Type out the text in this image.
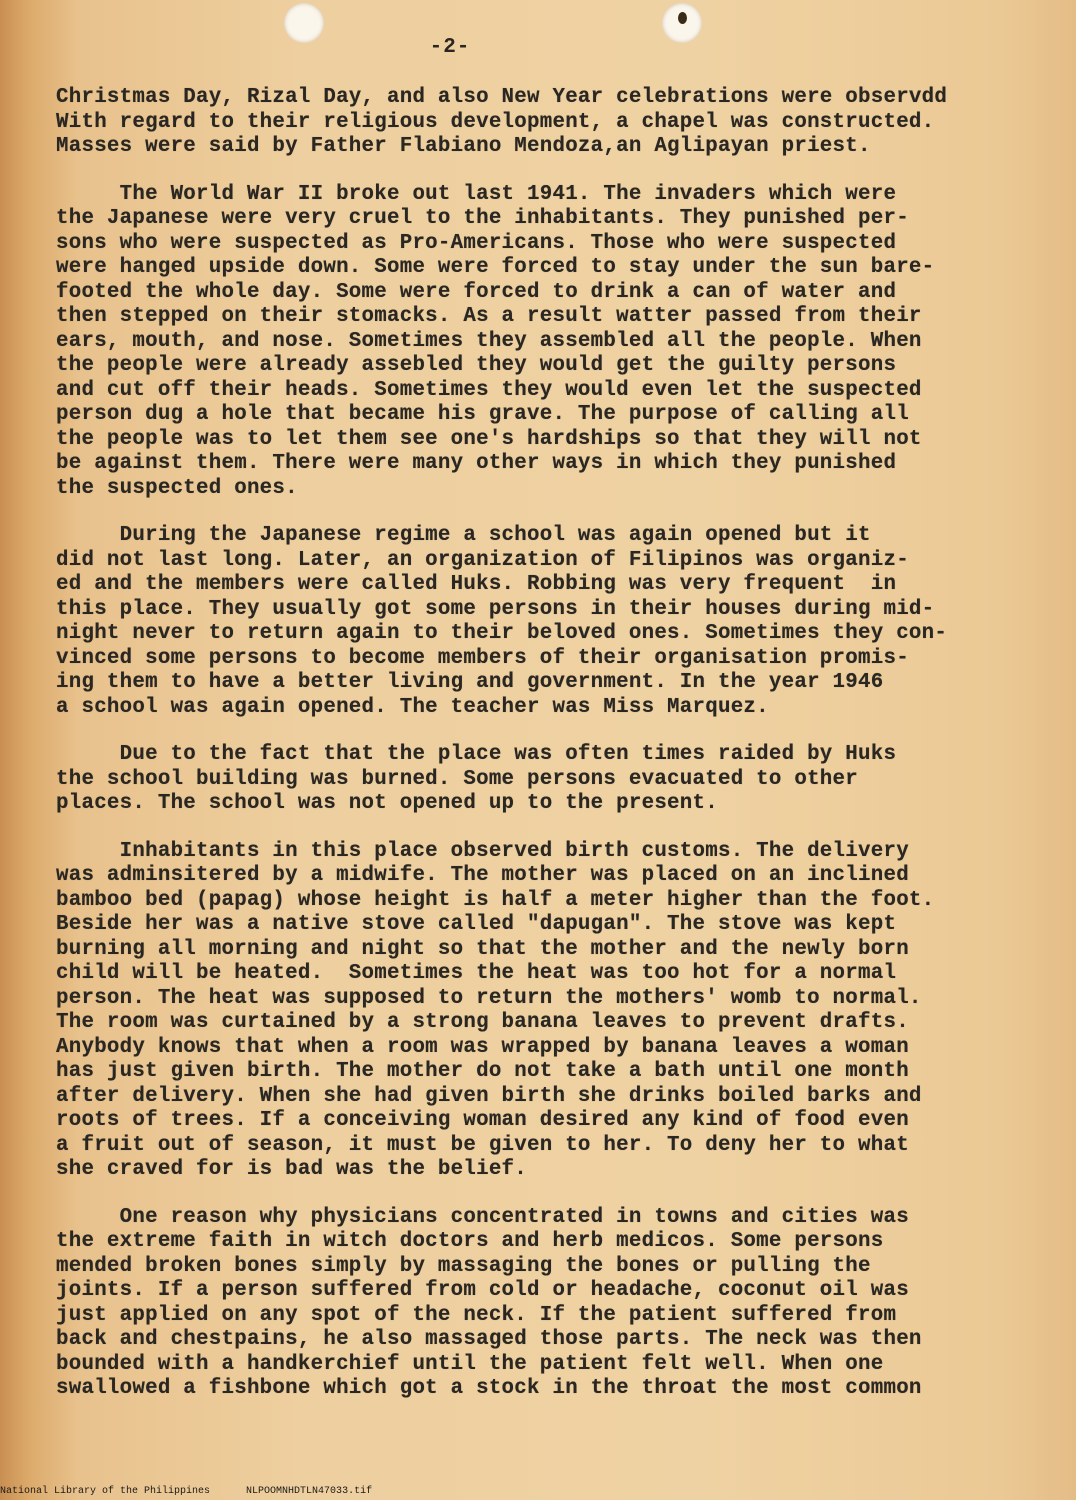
-2-
Christmas Day, Rizal Day, and also New Year celebrations were observdd
With regard to their religious development, a chapel was constructed.
Masses were said by Father Flabiano Mendoza,an Aglipayan priest.
The World War II broke out last 1941. The invaders which were
the Japanese were very cruel to the inhabitants. They punished per-
sons who were suspected as Pro-Americans. Those who were suspected
were hanged upside down. Some were forced to stay under the sun bare-
footed the whole day. Some were forced to drink a can of water and
then stepped on their stomacks. As a result watter passed from their
ears, mouth, and nose. Sometimes they assembled all the people. When
the people were already assebled they would get the guilty persons
and cut off their heads. Sometimes they would even let the suspected
person dug a hole that became his grave. The purpose of calling all
the people was to let them see one's hardships so that they will not
be against them. There were many other ways in which they punished
the suspected ones.
During the Japanese regime a school was again opened but it
did not last long. Later, an organization of Filipinos was organiz-
ed and the members were called Huks. Robbing was very frequent  in
this place. They usually got some persons in their houses during mid-
night never to return again to their beloved ones. Sometimes they con-
vinced some persons to become members of their organisation promis-
ing them to have a better living and government. In the year 1946
a school was again opened. The teacher was Miss Marquez.
Due to the fact that the place was often times raided by Huks
the school building was burned. Some persons evacuated to other
places. The school was not opened up to the present.
Inhabitants in this place observed birth customs. The delivery
was adminsitered by a midwife. The mother was placed on an inclined
bamboo bed (papag) whose height is half a meter higher than the foot.
Beside her was a native stove called "dapugan". The stove was kept
burning all morning and night so that the mother and the newly born
child will be heated.  Sometimes the heat was too hot for a normal
person. The heat was supposed to return the mothers' womb to normal.
The room was curtained by a strong banana leaves to prevent drafts.
Anybody knows that when a room was wrapped by banana leaves a woman
has just given birth. The mother do not take a bath until one month
after delivery. When she had given birth she drinks boiled barks and
roots of trees. If a conceiving woman desired any kind of food even
a fruit out of season, it must be given to her. To deny her to what
she craved for is bad was the belief.
One reason why physicians concentrated in towns and cities was
the extreme faith in witch doctors and herb medicos. Some persons
mended broken bones simply by massaging the bones or pulling the
joints. If a person suffered from cold or headache, coconut oil was
just applied on any spot of the neck. If the patient suffered from
back and chestpains, he also massaged those parts. The neck was then
bounded with a handkerchief until the patient felt well. When one
swallowed a fishbone which got a stock in the throat the most common
National Library of the Philippines	NLPOOMNHDTLN47033.tif
